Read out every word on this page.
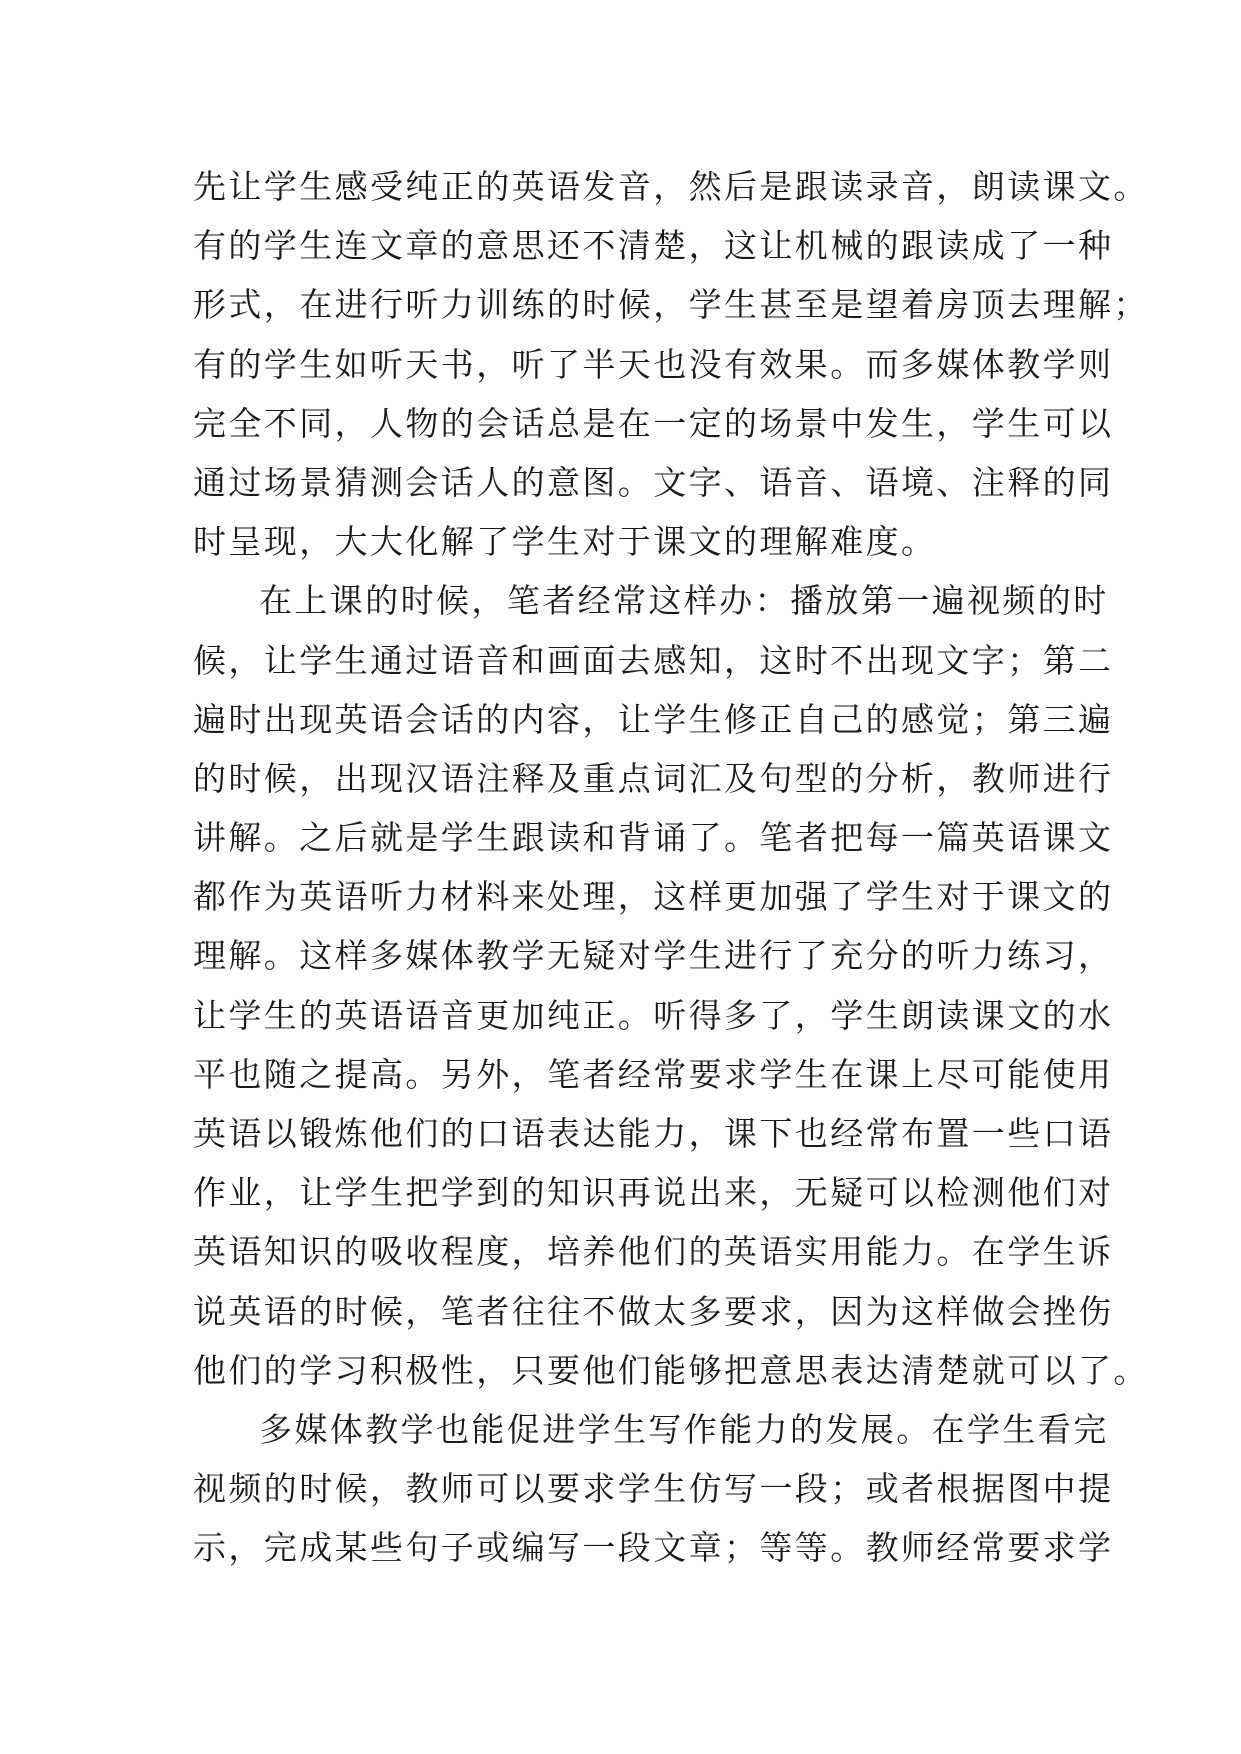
先让学生感受纯正的英语发音，然后是跟读录音，朗读课文。
有的学生连文章的意思还不清楚，这让机械的跟读成了一种
形式，在进行听力训练的时候，学生甚至是望着房顶去理解；
有的学生如听天书，听了半天也没有效果。而多媒体教学则
完全不同，人物的会话总是在一定的场景中发生，学生可以
通过场景猜测会话人的意图。文字、语音、语境、注释的同
时呈现，大大化解了学生对于课文的理解难度。

在上课的时候，笔者经常这样办：播放第一遍视频的时
候，让学生通过语音和画面去感知，这时不出现文字；第二
遍时出现英语会话的内容，让学生修正自己的感觉；第三遍
的时候，出现汉语注释及重点词汇及句型的分析，教师进行
讲解。之后就是学生跟读和背诵了。笔者把每一篇英语课文
都作为英语听力材料来处理，这样更加强了学生对于课文的
理解。这样多媒体教学无疑对学生进行了充分的听力练习，
让学生的英语语音更加纯正。听得多了，学生朗读课文的水
平也随之提高。另外，笔者经常要求学生在课上尽可能使用
英语以锻炼他们的口语表达能力，课下也经常布置一些口语
作业，让学生把学到的知识再说出来，无疑可以检测他们对
英语知识的吸收程度，培养他们的英语实用能力。在学生诉
说英语的时候，笔者往往不做太多要求，因为这样做会挫伤
他们的学习积极性，只要他们能够把意思表达清楚就可以了。

多媒体教学也能促进学生写作能力的发展。在学生看完
视频的时候，教师可以要求学生仿写一段；或者根据图中提
示，完成某些句子或编写一段文章；等等。教师经常要求学
